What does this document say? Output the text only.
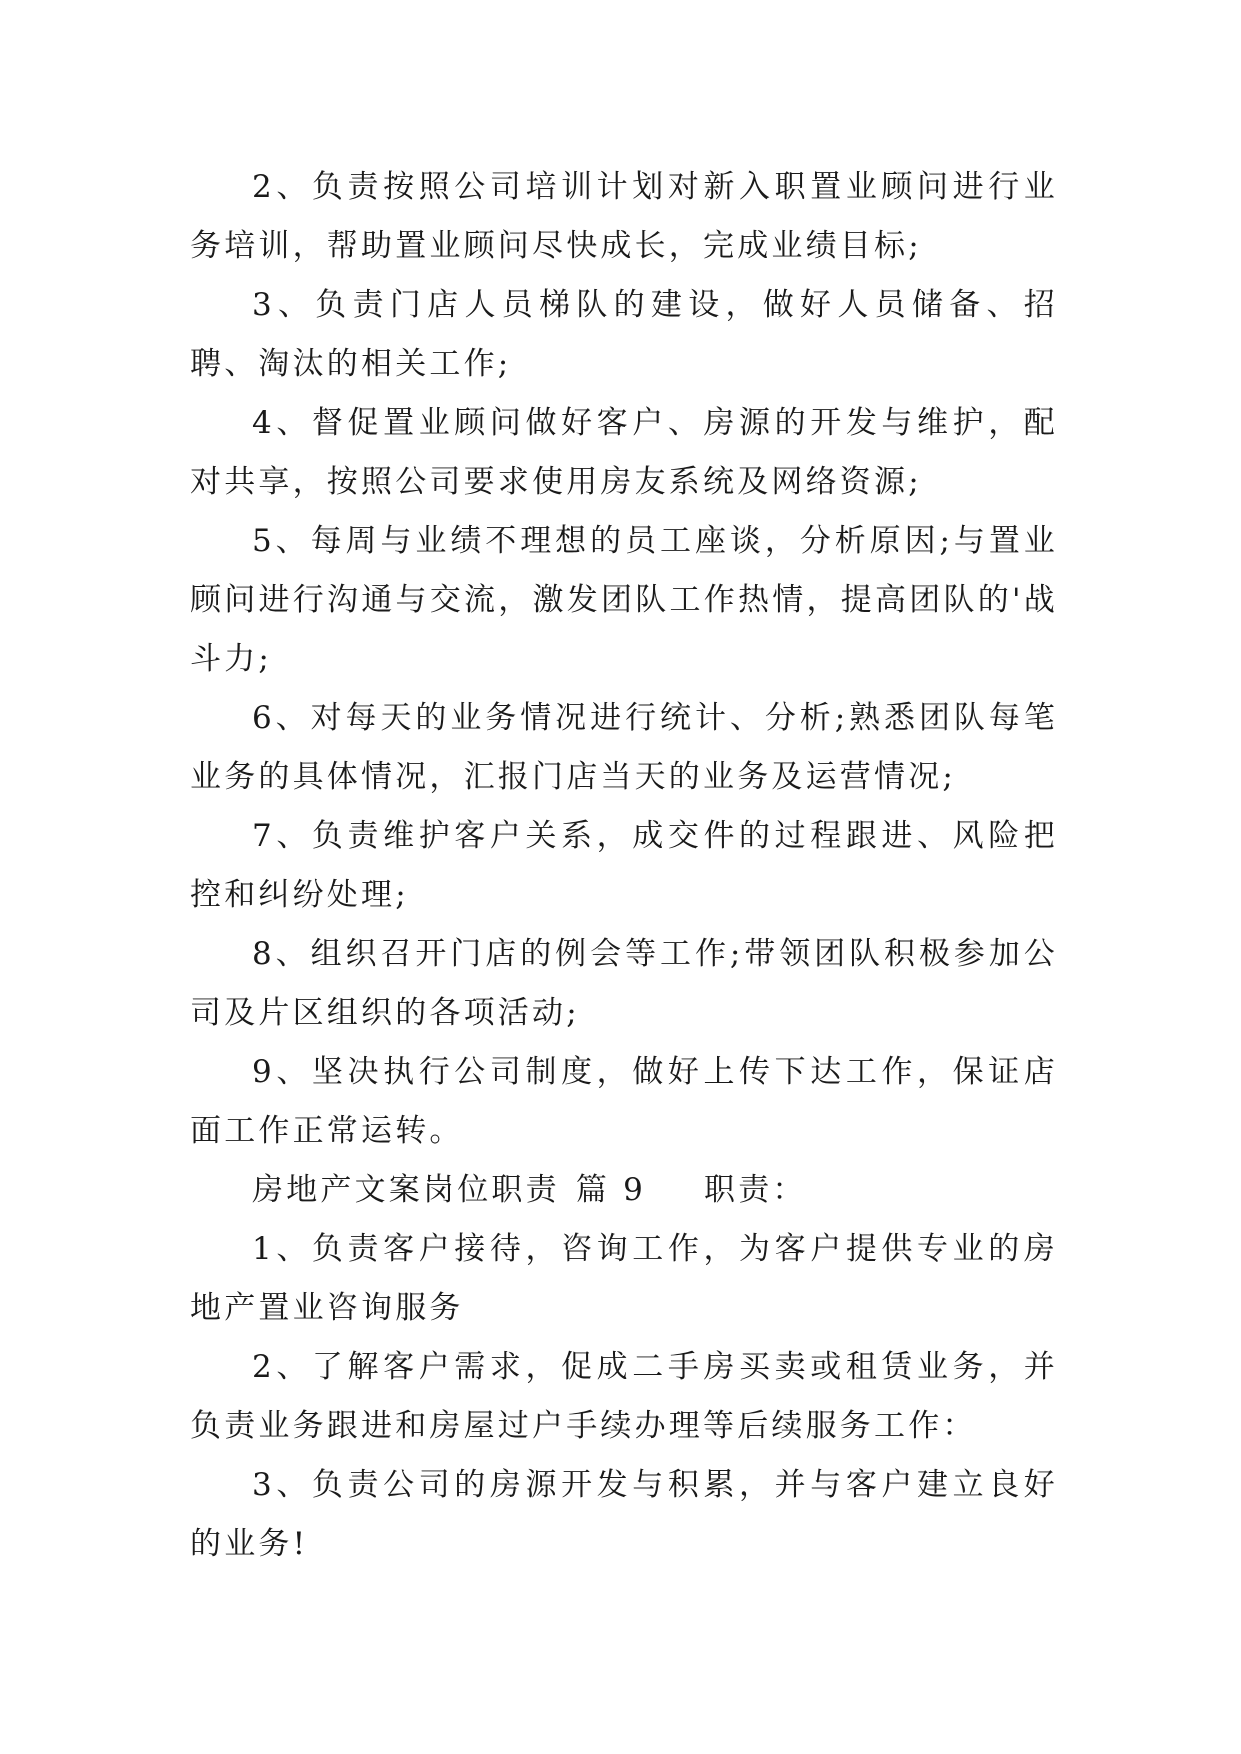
2、负责按照公司培训计划对新入职置业顾问进行业务培训，帮助置业顾问尽快成长，完成业绩目标;

3、负责门店人员梯队的建设，做好人员储备、招聘、淘汰的相关工作;

4、督促置业顾问做好客户、房源的开发与维护，配对共享，按照公司要求使用房友系统及网络资源;

5、每周与业绩不理想的员工座谈，分析原因;与置业顾问进行沟通与交流，激发团队工作热情，提高团队的'战斗力;

6、对每天的业务情况进行统计、分析;熟悉团队每笔业务的具体情况，汇报门店当天的业务及运营情况;

7、负责维护客户关系，成交件的过程跟进、风险把控和纠纷处理;

8、组织召开门店的例会等工作;带领团队积极参加公司及片区组织的各项活动;

9、坚决执行公司制度，做好上传下达工作，保证店面工作正常运转。

房地产文案岗位职责 篇 9 职责：

1、负责客户接待，咨询工作，为客户提供专业的房地产置业咨询服务

2、了解客户需求，促成二手房买卖或租赁业务，并负责业务跟进和房屋过户手续办理等后续服务工作：

3、负责公司的房源开发与积累，并与客户建立良好的业务!
